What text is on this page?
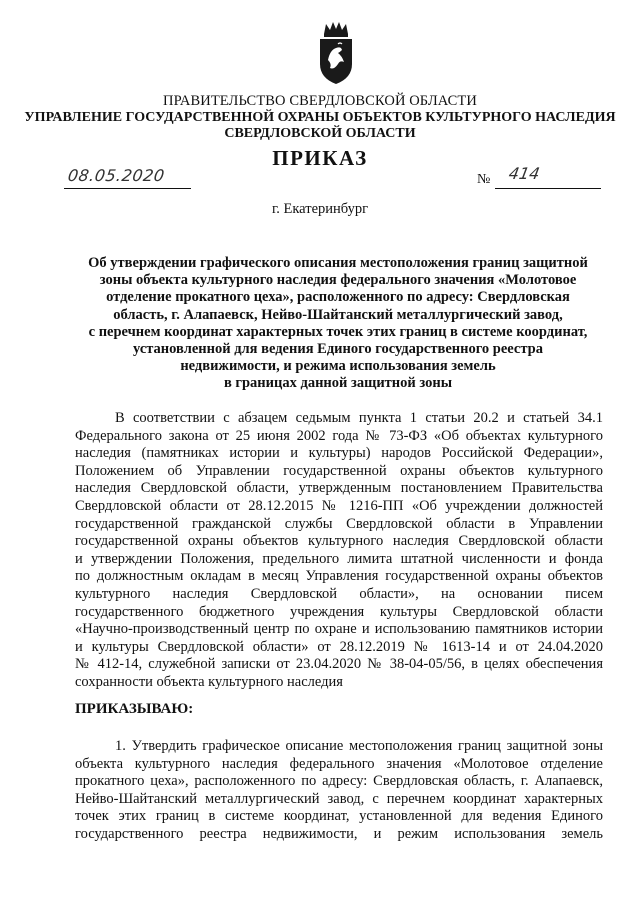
ПРАВИТЕЛЬСТВО СВЕРДЛОВСКОЙ ОБЛАСТИ
УПРАВЛЕНИЕ ГОСУДАРСТВЕННОЙ ОХРАНЫ ОБЪЕКТОВ КУЛЬТУРНОГО НАСЛЕДИЯ
СВЕРДЛОВСКОЙ ОБЛАСТИ
ПРИКАЗ
08.05.2020	№ 414
г. Екатеринбург
Об утверждении графического описания местоположения границ защитной
зоны объекта культурного наследия федерального значения «Молотовое
отделение прокатного цеха», расположенного по адресу: Свердловская
область, г. Алапаевск, Нейво-Шайтанский металлургический завод,
с перечнем координат характерных точек этих границ в системе координат,
установленной для ведения Единого государственного реестра
недвижимости, и режима использования земель
в границах данной защитной зоны
В соответствии с абзацем седьмым пункта 1 статьи 20.2 и статьей 34.1
Федерального закона от 25 июня 2002 года № 73-ФЗ «Об объектах культурного
наследия (памятниках истории и культуры) народов Российской Федерации»,
Положением об Управлении государственной охраны объектов культурного
наследия Свердловской области, утвержденным постановлением Правительства
Свердловской области от 28.12.2015 № 1216-ПП «Об учреждении должностей
государственной гражданской службы Свердловской области в Управлении
государственной охраны объектов культурного наследия Свердловской области
и утверждении Положения, предельного лимита штатной численности и фонда
по должностным окладам в месяц Управления государственной охраны объектов
культурного наследия Свердловской области», на основании писем
государственного бюджетного учреждения культуры Свердловской области
«Научно-производственный центр по охране и использованию памятников истории
и культуры Свердловской области» от 28.12.2019 № 1613-14 и от 24.04.2020
№ 412-14, служебной записки от 23.04.2020 № 38-04-05/56, в целях обеспечения
сохранности объекта культурного наследия
ПРИКАЗЫВАЮ:
1. Утвердить графическое описание местоположения границ защитной зоны
объекта культурного наследия федерального значения «Молотовое отделение
прокатного цеха», расположенного по адресу: Свердловская область, г. Алапаевск,
Нейво-Шайтанский металлургический завод, с перечнем координат характерных
точек этих границ в системе координат, установленной для ведения Единого
государственного реестра недвижимости, и режим использования земель
